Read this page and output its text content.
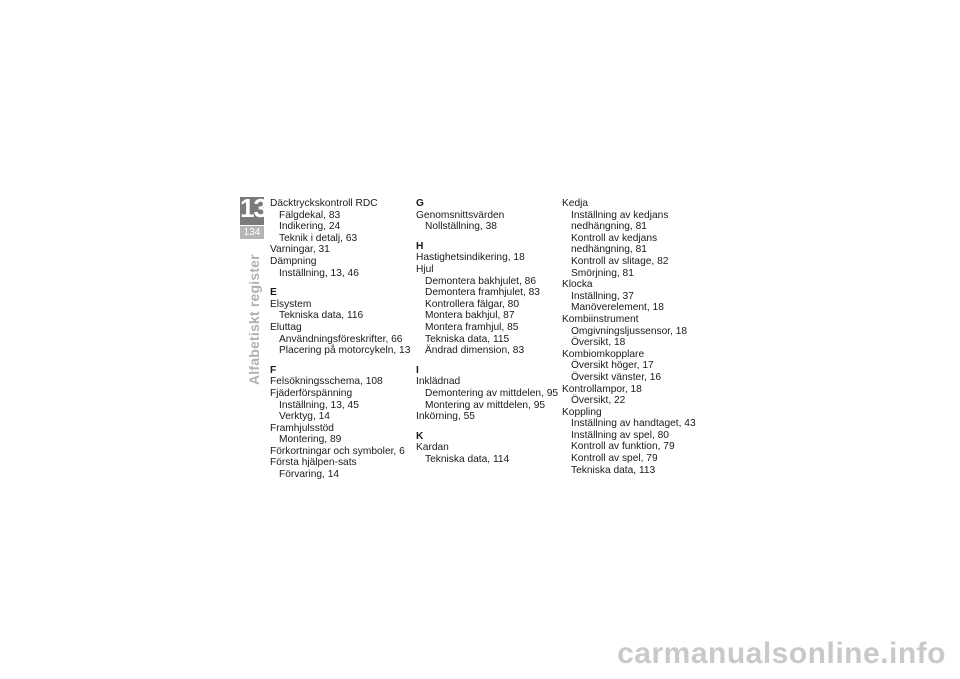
13
134
Alfabetiskt register
Däcktryckskontroll RDC
Fälgdekal, 83
Indikering, 24
Teknik i detalj, 63
Varningar, 31
Dämpning
Inställning, 13, 46
E
Elsystem
Tekniska data, 116
Eluttag
Användningsföreskrifter, 66
Placering på motorcykeln, 13
F
Felsökningsschema, 108
Fjäderförspänning
Inställning, 13, 45
Verktyg, 14
Framhjulsstöd
Montering, 89
Förkortningar och symboler, 6
Första hjälpen-sats
Förvaring, 14
G
Genomsnittsvärden
Nollställning, 38
H
Hastighetsindikering, 18
Hjul
Demontera bakhjulet, 86
Demontera framhjulet, 83
Kontrollera fälgar, 80
Montera bakhjul, 87
Montera framhjul, 85
Tekniska data, 115
Ändrad dimension, 83
I
Inklädnad
Demontering av mittdelen, 95
Montering av mittdelen, 95
Inkörning, 55
K
Kardan
Tekniska data, 114
Kedja
Inställning av kedjans
nedhängning, 81
Kontroll av kedjans
nedhängning, 81
Kontroll av slitage, 82
Smörjning, 81
Klocka
Inställning, 37
Manöverelement, 18
Kombiinstrument
Omgivningsljussensor, 18
Översikt, 18
Kombiomkopplare
Översikt höger, 17
Översikt vänster, 16
Kontrollampor, 18
Översikt, 22
Koppling
Inställning av handtaget, 43
Inställning av spel, 80
Kontroll av funktion, 79
Kontroll av spel, 79
Tekniska data, 113
carmanualsonline.info
